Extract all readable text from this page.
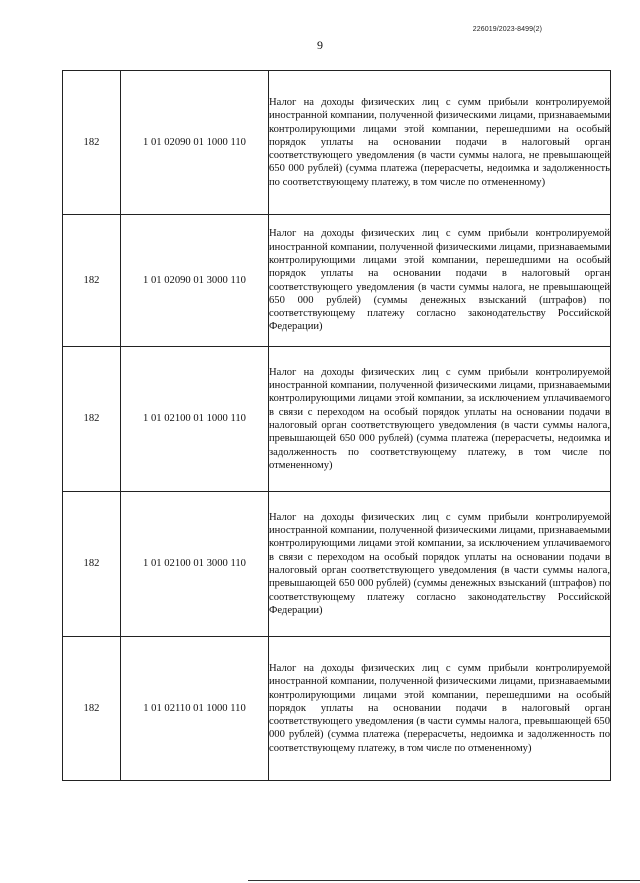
226019/2023-8499(2)
9
182	1 01 02090 01 1000 110	Налог на доходы физических лиц с сумм прибыли контролируемой иностранной компании, полученной физическими лицами, признаваемыми контролирующими лицами этой компании, перешедшими на особый порядок уплаты на основании подачи в налоговый орган соответствующего уведомления (в части суммы налога, не превышающей 650 000 рублей) (сумма платежа (перерасчеты, недоимка и задолженность по соответствующему платежу, в том числе по отмененному)
182	1 01 02090 01 3000 110	Налог на доходы физических лиц с сумм прибыли контролируемой иностранной компании, полученной физическими лицами, признаваемыми контролирующими лицами этой компании, перешедшими на особый порядок уплаты на основании подачи в налоговый орган соответствующего уведомления (в части суммы налога, не превышающей 650 000 рублей) (суммы денежных взысканий (штрафов) по соответствующему платежу согласно законодательству Российской Федерации)
182	1 01 02100 01 1000 110	Налог на доходы физических лиц с сумм прибыли контролируемой иностранной компании, полученной физическими лицами, признаваемыми контролирующими лицами этой компании, за исключением уплачиваемого в связи с переходом на особый порядок уплаты на основании подачи в налоговый орган соответствующего уведомления (в части суммы налога, превышающей 650 000 рублей) (сумма платежа (перерасчеты, недоимка и задолженность по соответствующему платежу, в том числе по отмененному)
182	1 01 02100 01 3000 110	Налог на доходы физических лиц с сумм прибыли контролируемой иностранной компании, полученной физическими лицами, признаваемыми контролирующими лицами этой компании, за исключением уплачиваемого в связи с переходом на особый порядок уплаты на основании подачи в налоговый орган соответствующего уведомления (в части суммы налога, превышающей 650 000 рублей) (суммы денежных взысканий (штрафов) по соответствующему платежу согласно законодательству Российской Федерации)
182	1 01 02110 01 1000 110	Налог на доходы физических лиц с сумм прибыли контролируемой иностранной компании, полученной физическими лицами, признаваемыми контролирующими лицами этой компании, перешедшими на особый порядок уплаты на основании подачи в налоговый орган соответствующего уведомления (в части суммы налога, превышающей 650 000 рублей) (сумма платежа (перерасчеты, недоимка и задолженность по соответствующему платежу, в том числе по отмененному)
